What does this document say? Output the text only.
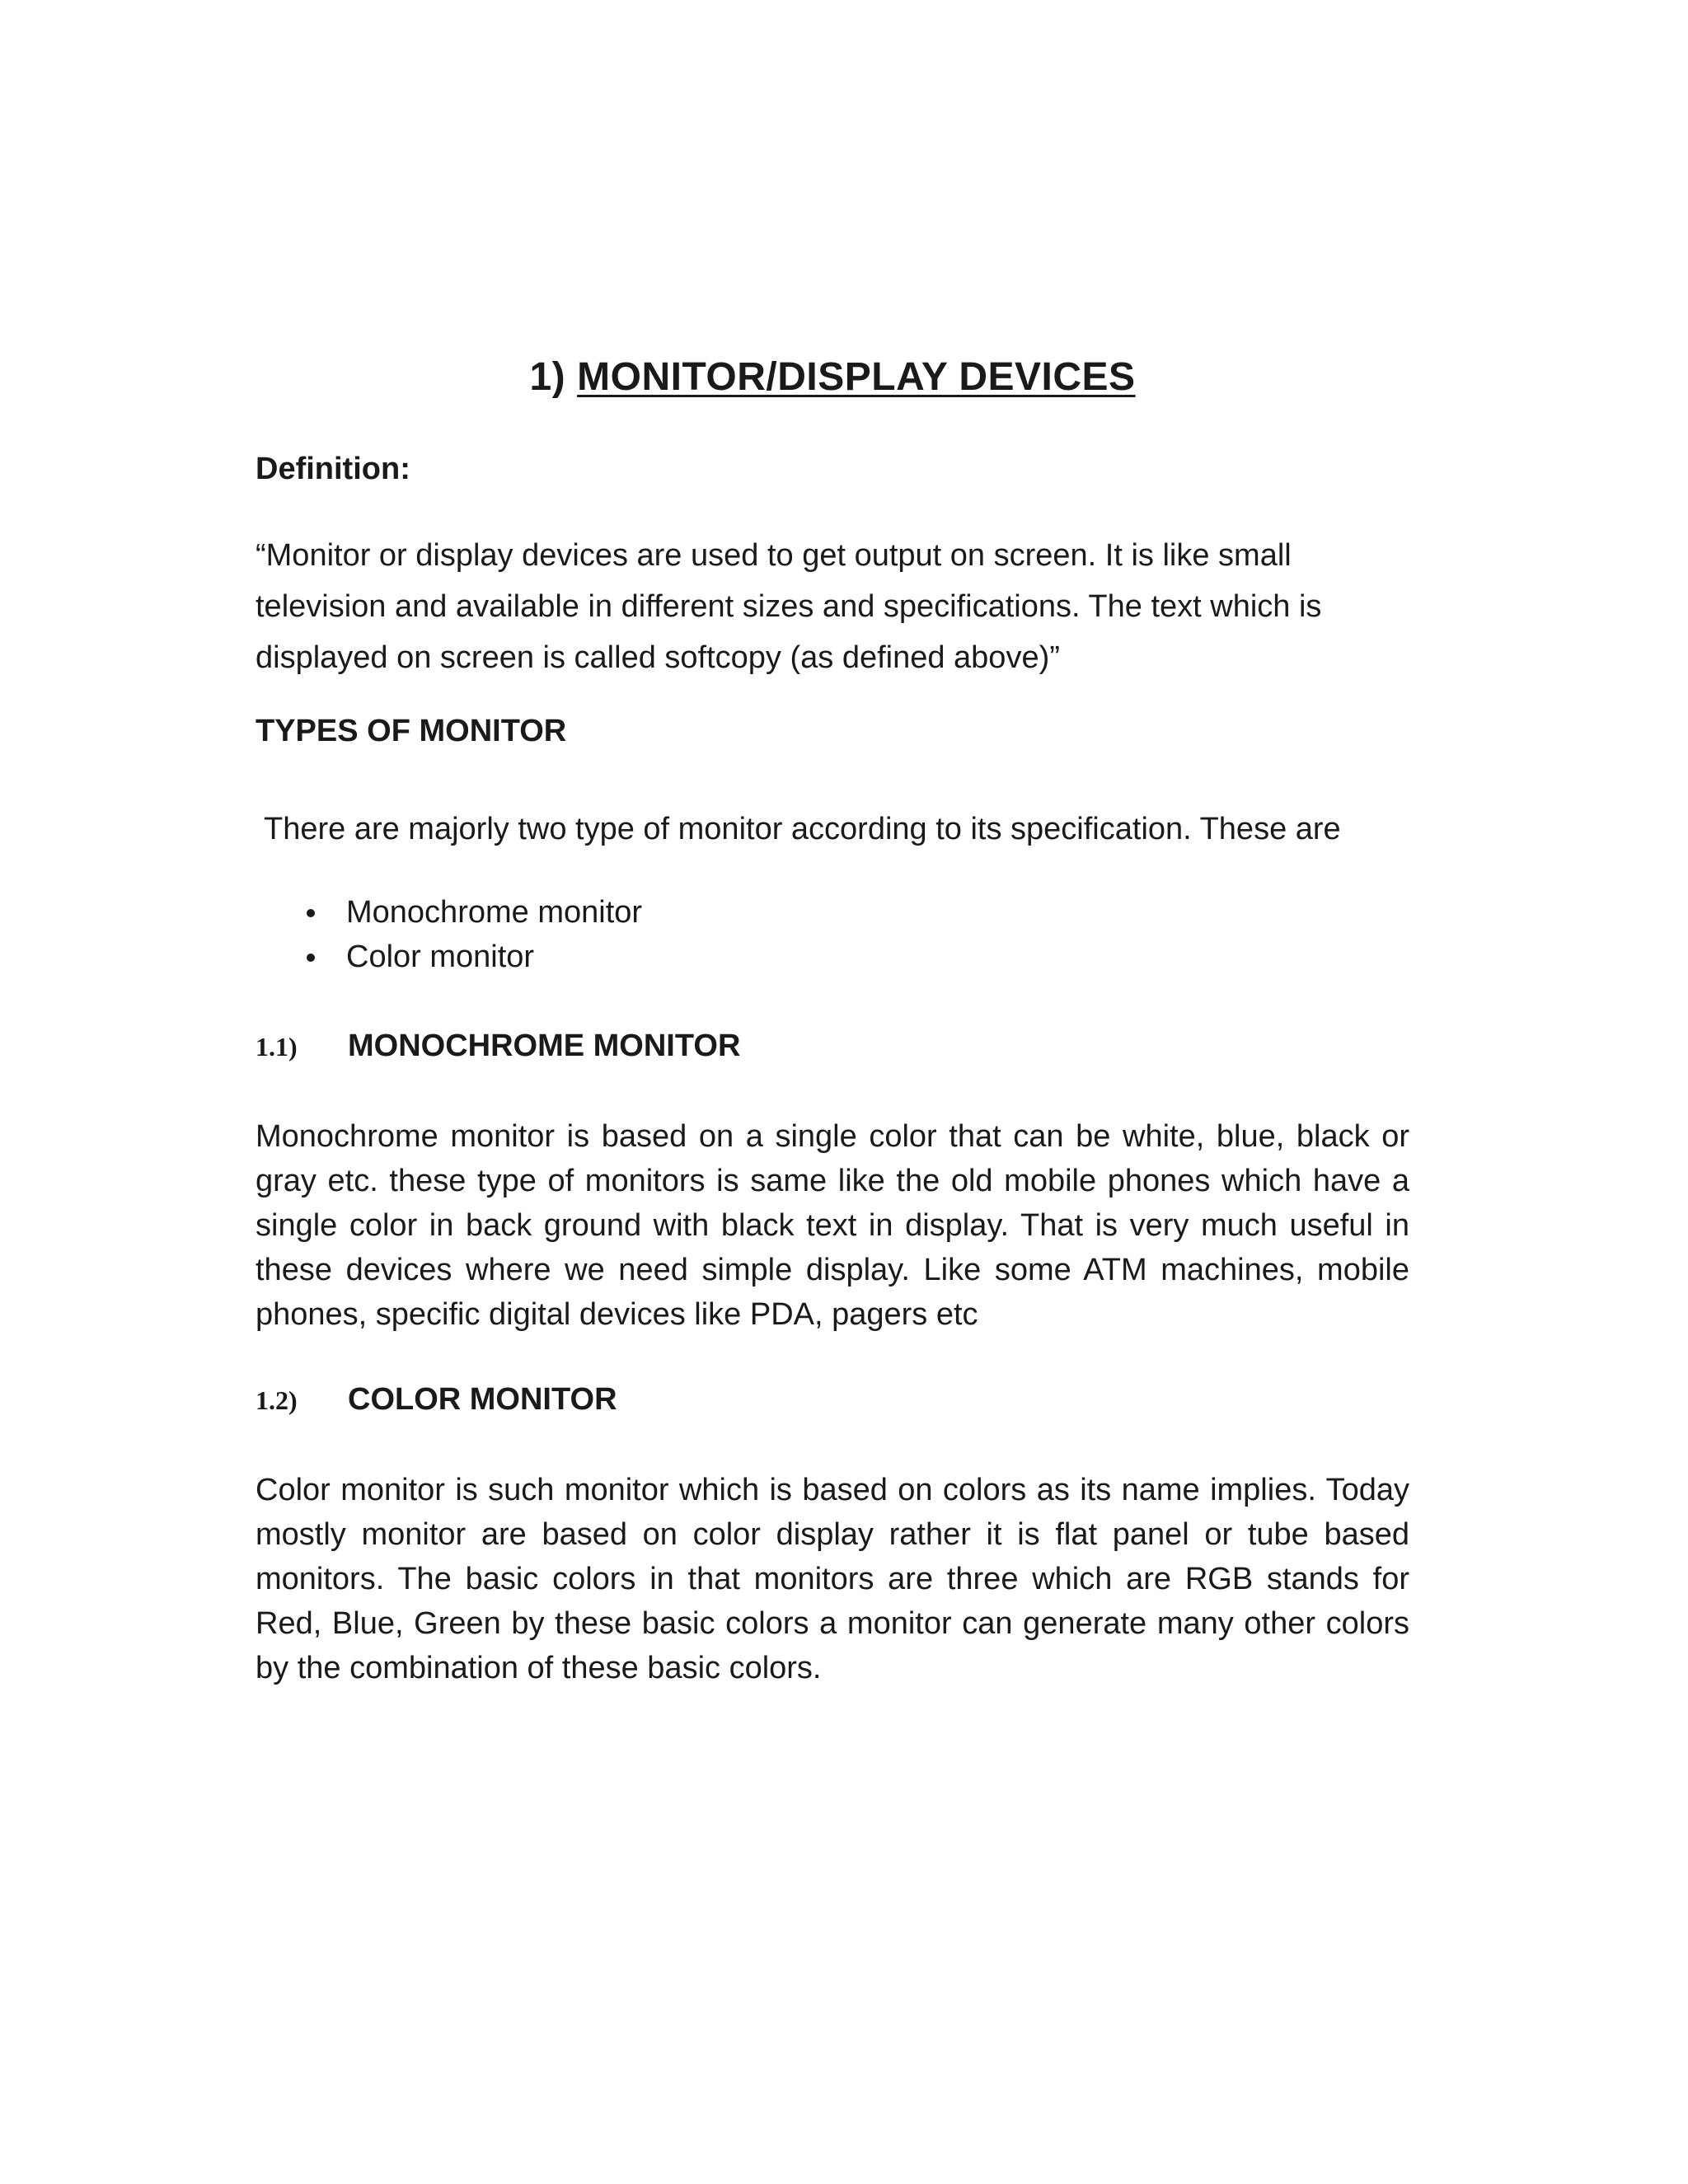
1) MONITOR/DISPLAY DEVICES
Definition:

“Monitor or display devices are used to get output on screen. It is like small television and available in different sizes and specifications. The text which is displayed on screen is called softcopy (as defined above)”

TYPES OF MONITOR

There are majorly two type of monitor according to its specification. These are

Monochrome monitor
Color monitor
1.1) MONOCHROME MONITOR

Monochrome monitor is based on a single color that can be white, blue, black or gray etc. these type of monitors is same like the old mobile phones which have a single color in back ground with black text in display. That is very much useful in these devices where we need simple display. Like some ATM machines, mobile phones, specific digital devices like PDA, pagers etc

1.2) COLOR MONITOR

Color monitor is such monitor which is based on colors as its name implies. Today mostly monitor are based on color display rather it is flat panel or tube based monitors. The basic colors in that monitors are three which are RGB stands for Red, Blue, Green by these basic colors a monitor can generate many other colors by the combination of these basic colors.
